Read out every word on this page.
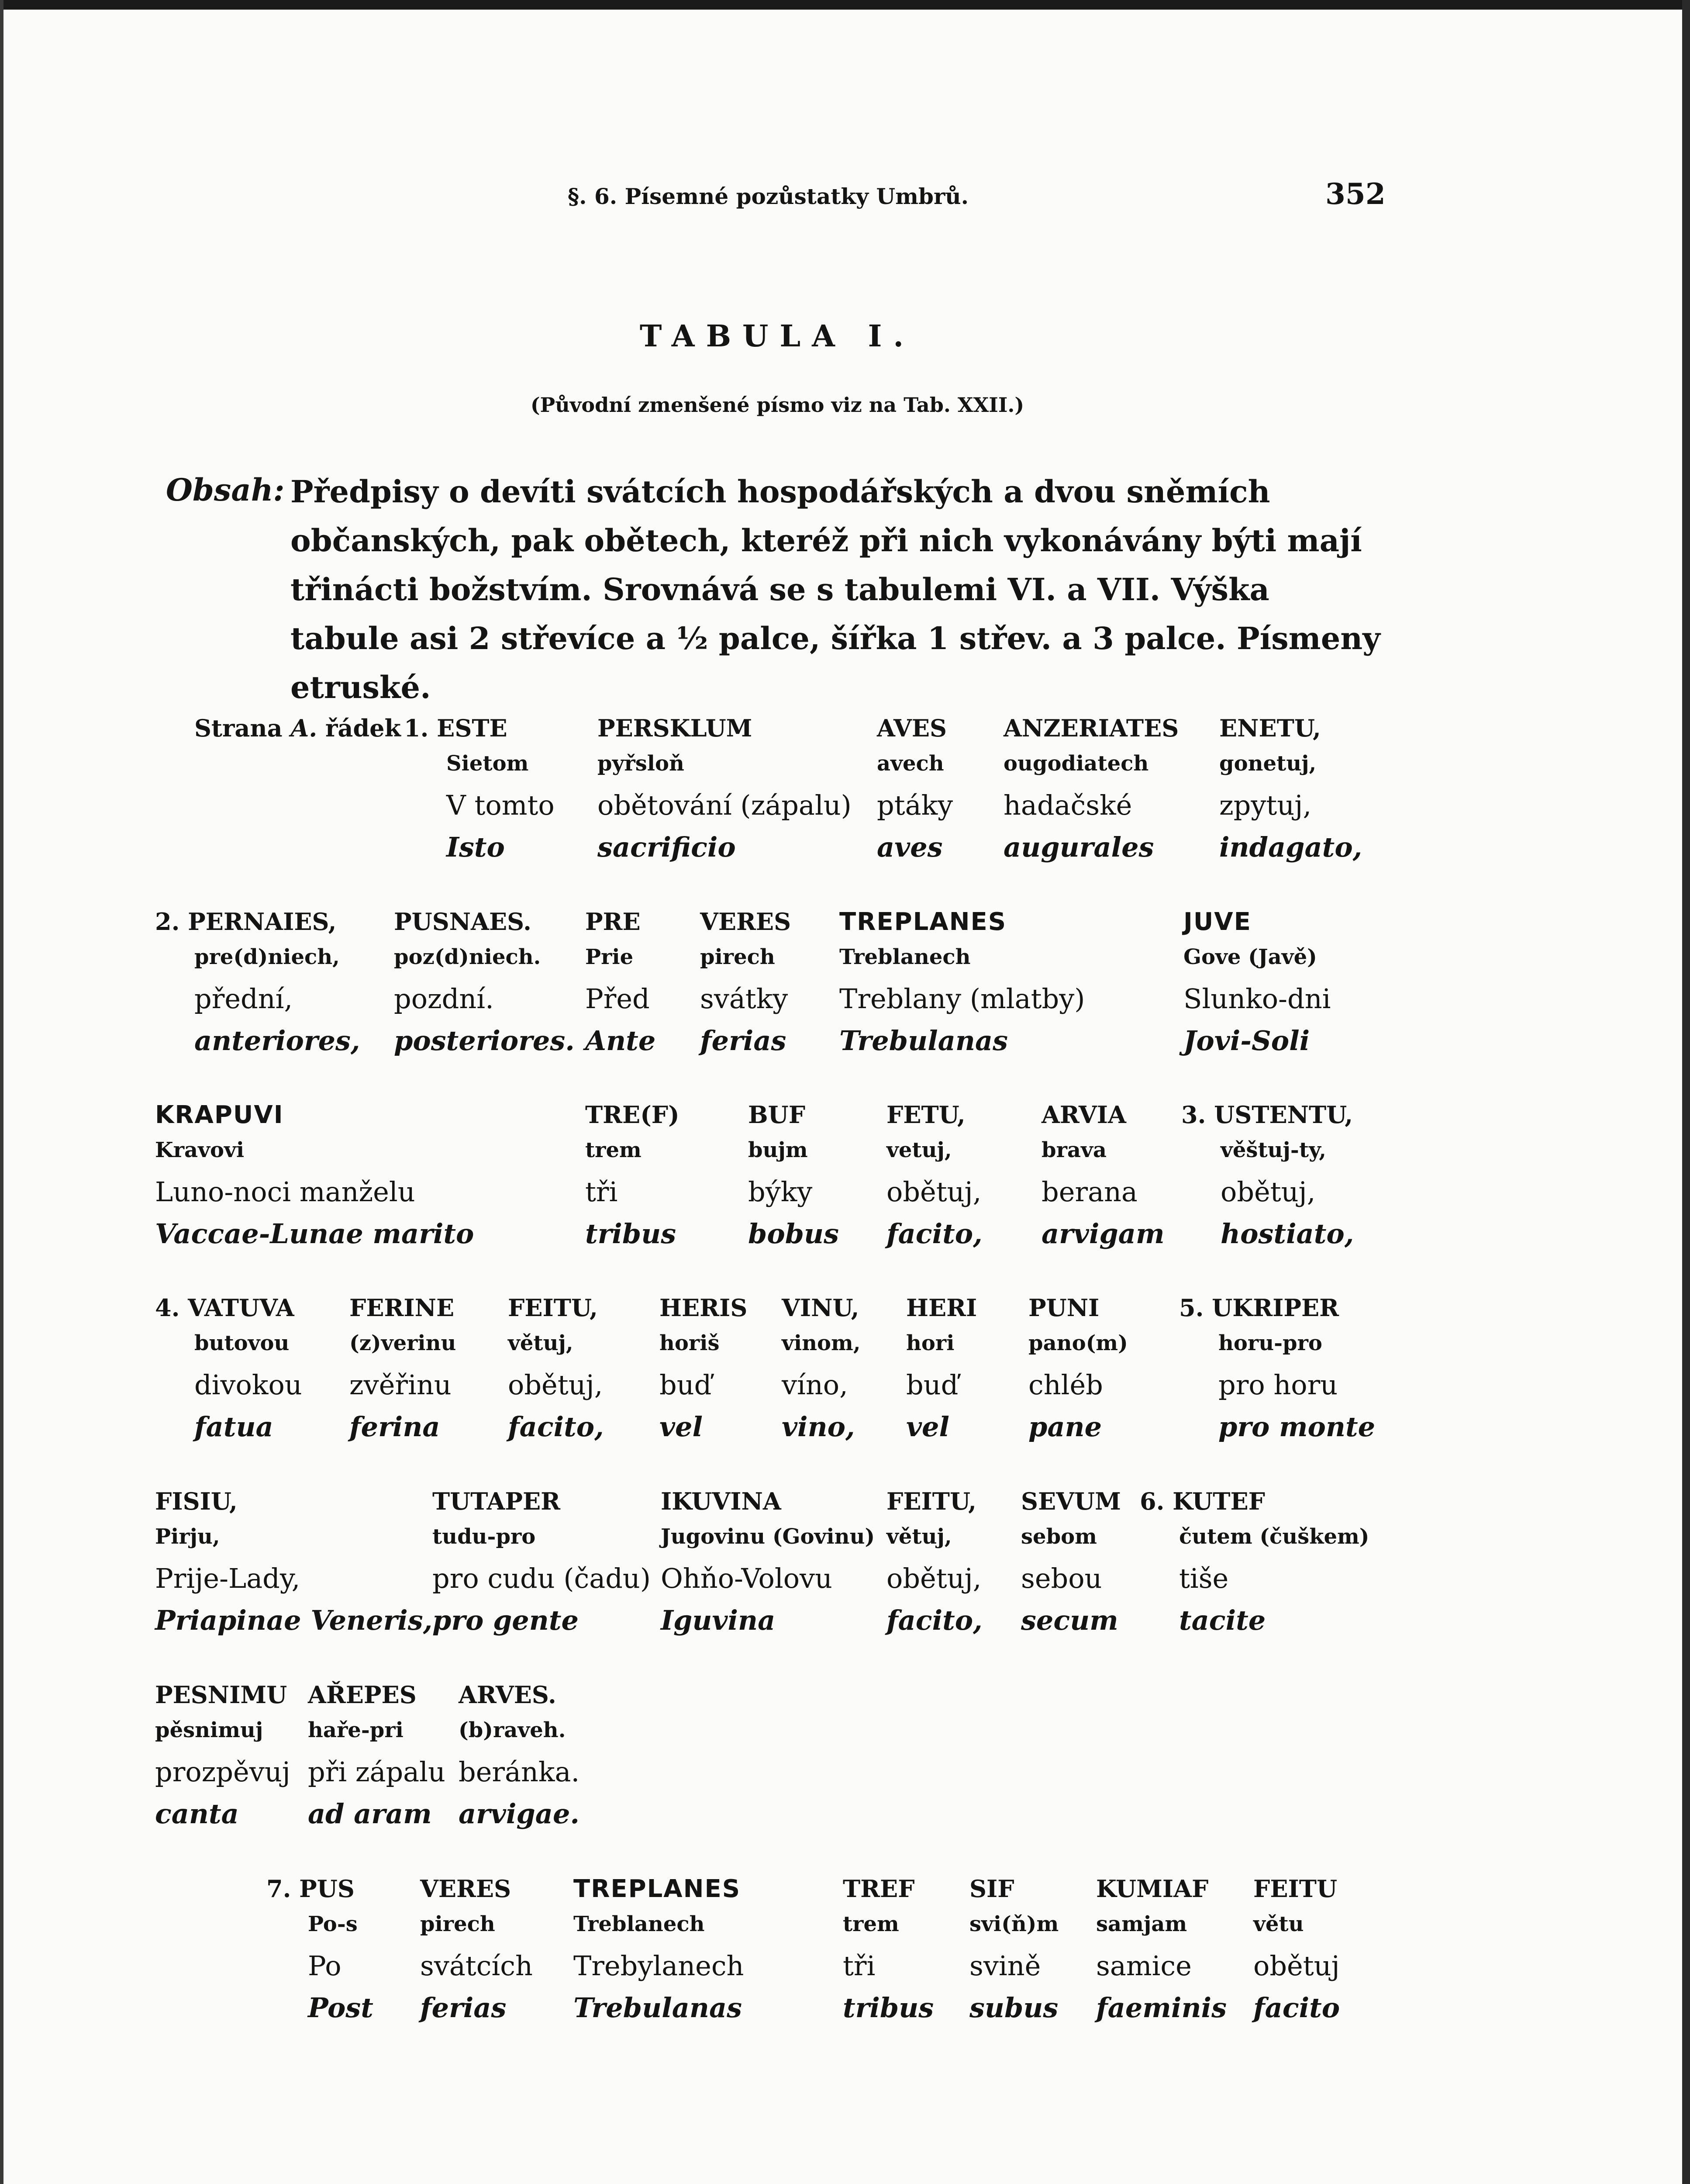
§. 6. Písemné pozůstatky Umbrů.	352
TABULA I.
(Původní zmenšené písmo viz na Tab. XXII.)
Obsah: Předpisy o devíti svátcích hospodářských a dvou sněmích občanských, pak obětech, kteréž při nich vykonávány býti mají třinácti božstvím. Srovnává se s tabulemi VI. a VII. Výška tabule asi 2 střevíce a ½ palce, šířka 1 střev. a 3 palce. Písmeny etruské.
Strana A. řádek 1. ESTE
Sietom
V tomto
Isto
PERSKLUM
pyřsloň
obětování (zápalu)
sacrificio
AVES
avech
ptáky
aves
ANZERIATES
ougodiatech
hadačské
augurales
ENETU,
gonetuj,
zpytuj,
indagato,
2. PERNAIES,
pre(d)niech,
přední,
anteriores,
PUSNAES.
poz(d)niech.
pozdní.
posteriores.
PRE
Prie
Před
Ante
VERES
pirech
svátky
ferias
TREPLANES
Treblanech
Treblany (mlatby)
Trebulanas
JUVE
Gove (Javě)
Slunko-dni
Jovi-Soli
KRAPUVI
Kravovi
Luno-noci manželu
Vaccae-Lunae marito
TRE(F)
trem
tři
tribus
BUF
bujm
býky
bobus
FETU,
vetuj,
obětuj,
facito,
ARVIA
brava
berana
arvigam
3. USTENTU,
věštuj-ty,
obětuj,
hostiato,
4. VATUVA
butovou
divokou
fatua
FERINE
(z)verinu
zvěřinu
ferina
FEITU,
větuj,
obětuj,
facito,
HERIS
horiš
buď
vel
VINU,
vinom,
víno,
vino,
HERI
hori
buď
vel
PUNI
pano(m)
chléb
pane
5. UKRIPER
horu-pro
pro horu
pro monte
FISIU,
Pirju,
Prije-Lady,
Priapinae Veneris,
TUTAPER
tudu-pro
pro cudu (čadu)
pro gente
IKUVINA
Jugovinu (Govinu)
Ohňo-Volovu
Iguvina
FEITU,
větuj,
obětuj,
facito,
SEVUM
sebom
sebou
secum
6. KUTEF
čutem (čuškem)
tiše
tacite
PESNIMU
pěsnimuj
prozpěvuj
canta
AŘEPES
haře-pri
při zápalu
ad aram
ARVES.
(b)raveh.
beránka.
arvigae.
7. PUS
Po-s
Po
Post
VERES
pirech
svátcích
ferias
TREPLANES
Treblanech
Trebylanech
Trebulanas
TREF
trem
tři
tribus
SIF
svi(ň)m
svině
subus
KUMIAF
samjam
samice
faeminis
FEITU
větu
obětuj
facito
